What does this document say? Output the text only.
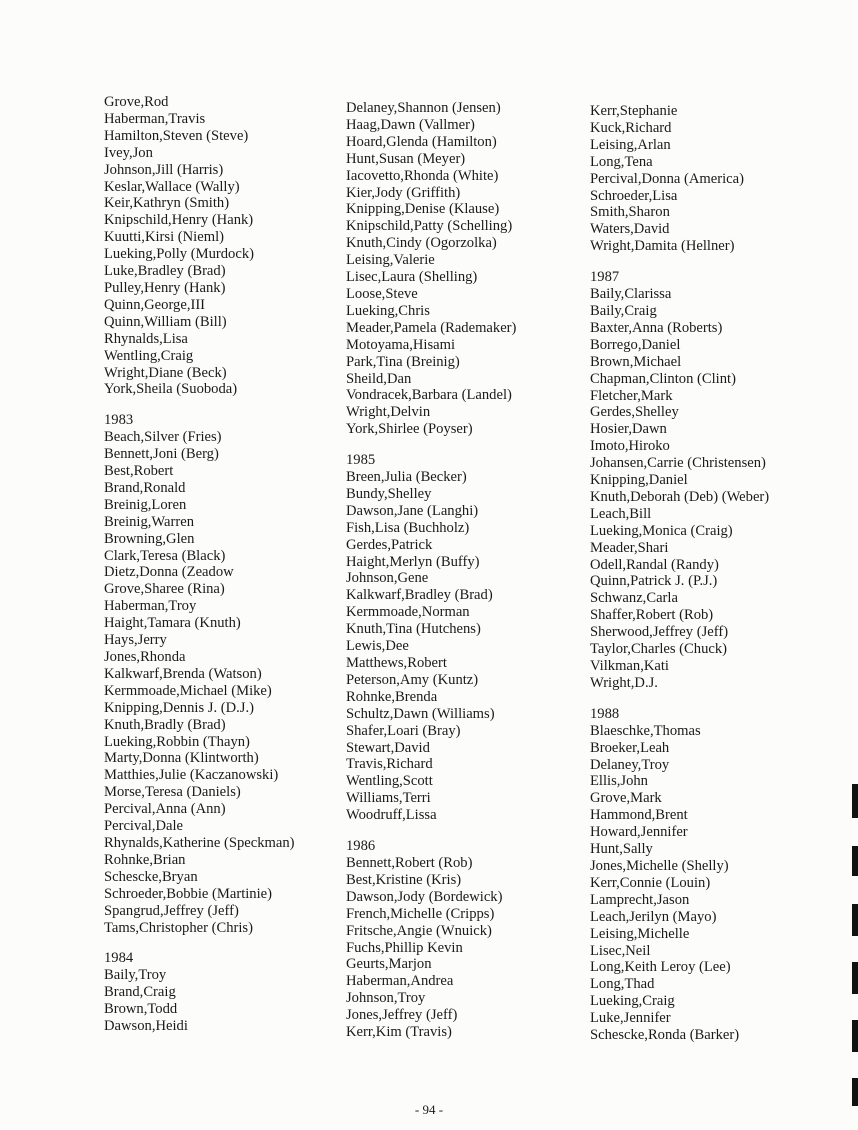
Grove,Rod
Haberman,Travis
Hamilton,Steven (Steve)
Ivey,Jon
Johnson,Jill (Harris)
Keslar,Wallace (Wally)
Keir,Kathryn (Smith)
Knipschild,Henry (Hank)
Kuutti,Kirsi (Nieml)
Lueking,Polly (Murdock)
Luke,Bradley (Brad)
Pulley,Henry (Hank)
Quinn,George,III
Quinn,William (Bill)
Rhynalds,Lisa
Wentling,Craig
Wright,Diane (Beck)
York,Sheila (Suoboda)
1983
Beach,Silver (Fries)
Bennett,Joni (Berg)
Best,Robert
Brand,Ronald
Breinig,Loren
Breinig,Warren
Browning,Glen
Clark,Teresa (Black)
Dietz,Donna (Zeadow
Grove,Sharee (Rina)
Haberman,Troy
Haight,Tamara (Knuth)
Hays,Jerry
Jones,Rhonda
Kalkwarf,Brenda (Watson)
Kermmoade,Michael (Mike)
Knipping,Dennis J. (D.J.)
Knuth,Bradly (Brad)
Lueking,Robbin (Thayn)
Marty,Donna (Klintworth)
Matthies,Julie (Kaczanowski)
Morse,Teresa (Daniels)
Percival,Anna (Ann)
Percival,Dale
Rhynalds,Katherine (Speckman)
Rohnke,Brian
Schescke,Bryan
Schroeder,Bobbie (Martinie)
Spangrud,Jeffrey (Jeff)
Tams,Christopher (Chris)
1984
Baily,Troy
Brand,Craig
Brown,Todd
Dawson,Heidi
Delaney,Shannon (Jensen)
Haag,Dawn (Vallmer)
Hoard,Glenda (Hamilton)
Hunt,Susan (Meyer)
Iacovetto,Rhonda (White)
Kier,Jody (Griffith)
Knipping,Denise (Klause)
Knipschild,Patty (Schelling)
Knuth,Cindy (Ogorzolka)
Leising,Valerie
Lisec,Laura (Shelling)
Loose,Steve
Lueking,Chris
Meader,Pamela (Rademaker)
Motoyama,Hisami
Park,Tina (Breinig)
Sheild,Dan
Vondracek,Barbara (Landel)
Wright,Delvin
York,Shirlee (Poyser)
1985
Breen,Julia (Becker)
Bundy,Shelley
Dawson,Jane (Langhi)
Fish,Lisa (Buchholz)
Gerdes,Patrick
Haight,Merlyn (Buffy)
Johnson,Gene
Kalkwarf,Bradley (Brad)
Kermmoade,Norman
Knuth,Tina (Hutchens)
Lewis,Dee
Matthews,Robert
Peterson,Amy (Kuntz)
Rohnke,Brenda
Schultz,Dawn (Williams)
Shafer,Loari (Bray)
Stewart,David
Travis,Richard
Wentling,Scott
Williams,Terri
Woodruff,Lissa
1986
Bennett,Robert (Rob)
Best,Kristine (Kris)
Dawson,Jody (Bordewick)
French,Michelle (Cripps)
Fritsche,Angie (Wnuick)
Fuchs,Phillip Kevin
Geurts,Marjon
Haberman,Andrea
Johnson,Troy
Jones,Jeffrey (Jeff)
Kerr,Kim (Travis)
Kerr,Stephanie
Kuck,Richard
Leising,Arlan
Long,Tena
Percival,Donna (America)
Schroeder,Lisa
Smith,Sharon
Waters,David
Wright,Damita (Hellner)
1987
Baily,Clarissa
Baily,Craig
Baxter,Anna (Roberts)
Borrego,Daniel
Brown,Michael
Chapman,Clinton (Clint)
Fletcher,Mark
Gerdes,Shelley
Hosier,Dawn
Imoto,Hiroko
Johansen,Carrie (Christensen)
Knipping,Daniel
Knuth,Deborah (Deb) (Weber)
Leach,Bill
Lueking,Monica (Craig)
Meader,Shari
Odell,Randal (Randy)
Quinn,Patrick J. (P.J.)
Schwanz,Carla
Shaffer,Robert (Rob)
Sherwood,Jeffrey (Jeff)
Taylor,Charles (Chuck)
Vilkman,Kati
Wright,D.J.
1988
Blaeschke,Thomas
Broeker,Leah
Delaney,Troy
Ellis,John
Grove,Mark
Hammond,Brent
Howard,Jennifer
Hunt,Sally
Jones,Michelle (Shelly)
Kerr,Connie (Louin)
Lamprecht,Jason
Leach,Jerilyn (Mayo)
Leising,Michelle
Lisec,Neil
Long,Keith Leroy (Lee)
Long,Thad
Lueking,Craig
Luke,Jennifer
Schescke,Ronda (Barker)
- 94 -
